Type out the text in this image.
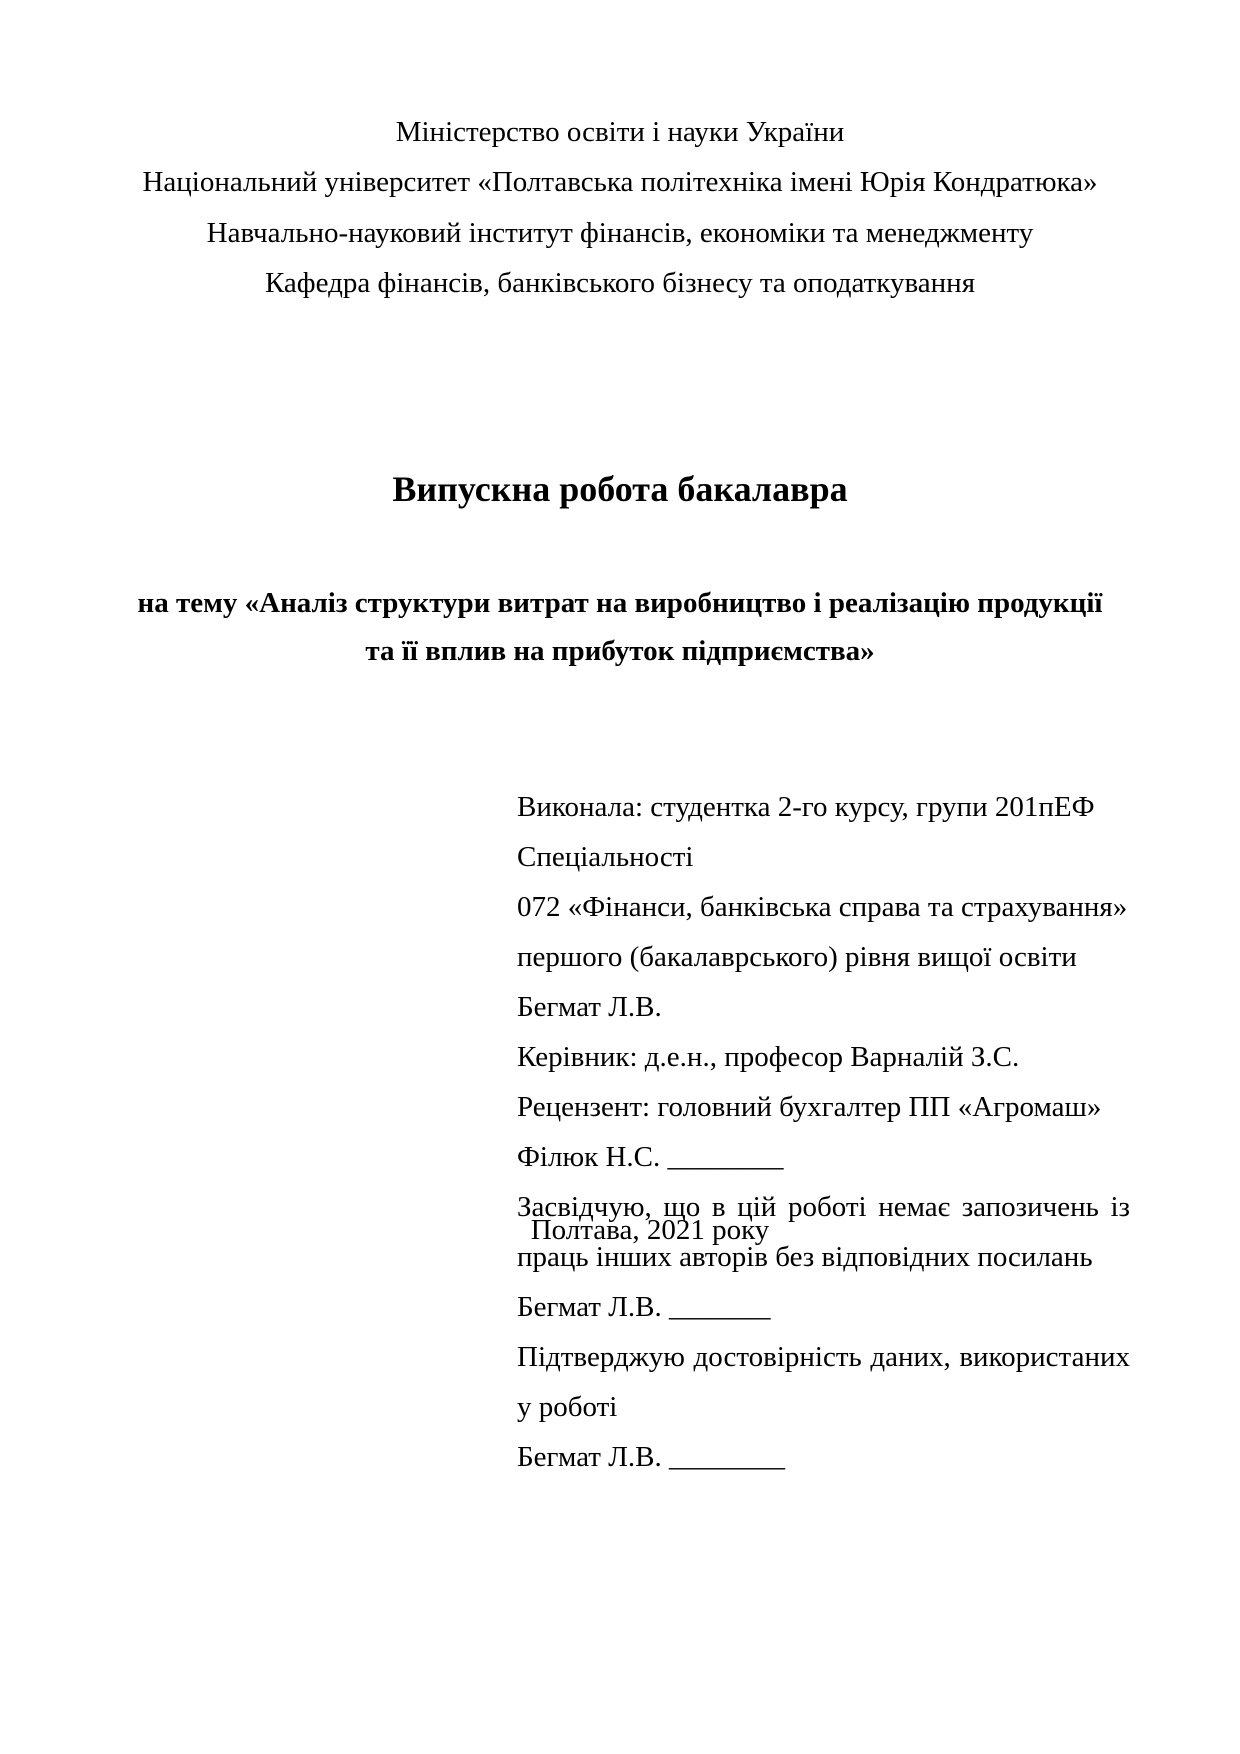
Міністерство освіти і науки України
Національний університет «Полтавська політехніка імені Юрія Кондратюка»
Навчально-науковий інститут фінансів, економіки та менеджменту
Кафедра фінансів, банківського бізнесу та оподаткування
Випускна робота бакалавра
на тему «Аналіз структури витрат на виробництво і реалізацію продукції
та її вплив на прибуток підприємства»
Виконала: студентка 2-го курсу, групи 201пЕФ
Спеціальності
072 «Фінанси, банківська справа та страхування»
першого (бакалаврського) рівня вищої освіти
Бегмат Л.В.
Керівник: д.е.н., професор Варналій З.С.
Рецензент: головний бухгалтер ПП «Агромаш»
Філюк Н.С. ________
Засвідчую, що в цій роботі немає запозичень із
праць інших авторів без відповідних посилань
Бегмат Л.В. _______
Підтверджую достовірність даних, використаних
у роботі
Бегмат Л.В. ________
Полтава, 2021 року
